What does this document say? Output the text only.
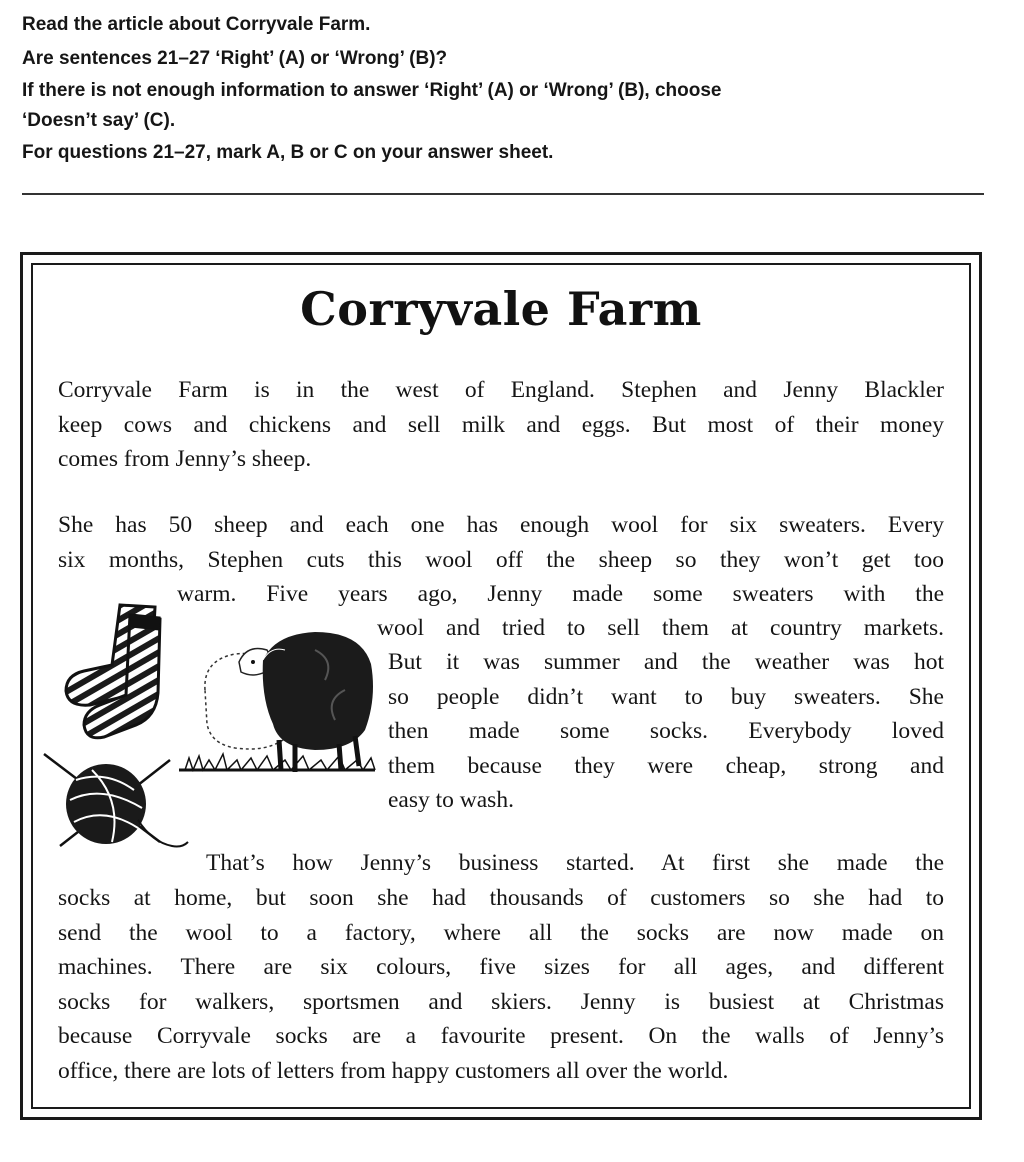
Read the article about Corryvale Farm.

Are sentences 21–27 ‘Right’ (A) or ‘Wrong’ (B)?

If there is not enough information to answer ‘Right’ (A) or ‘Wrong’ (B), choose

‘Doesn’t say’ (C).

For questions 21–27, mark A, B or C on your answer sheet.

Corryvale Farm
Corryvale Farm is in the west of England. Stephen and Jenny Blackler
keep cows and chickens and sell milk and eggs. But most of their money
comes from Jenny’s sheep.
She has 50 sheep and each one has enough wool for six sweaters. Every
six months, Stephen cuts this wool off the sheep so they won’t get too
warm. Five years ago, Jenny made some sweaters with the
wool and tried to sell them at country markets.
But it was summer and the weather was hot
so people didn’t want to buy sweaters. She
then made some socks. Everybody loved
them because they were cheap, strong and
easy to wash.
That’s how Jenny’s business started. At first she made the
socks at home, but soon she had thousands of customers so she had to
send the wool to a factory, where all the socks are now made on
machines. There are six colours, five sizes for all ages, and different
socks for walkers, sportsmen and skiers. Jenny is busiest at Christmas
because Corryvale socks are a favourite present. On the walls of Jenny’s
office, there are lots of letters from happy customers all over the world.
